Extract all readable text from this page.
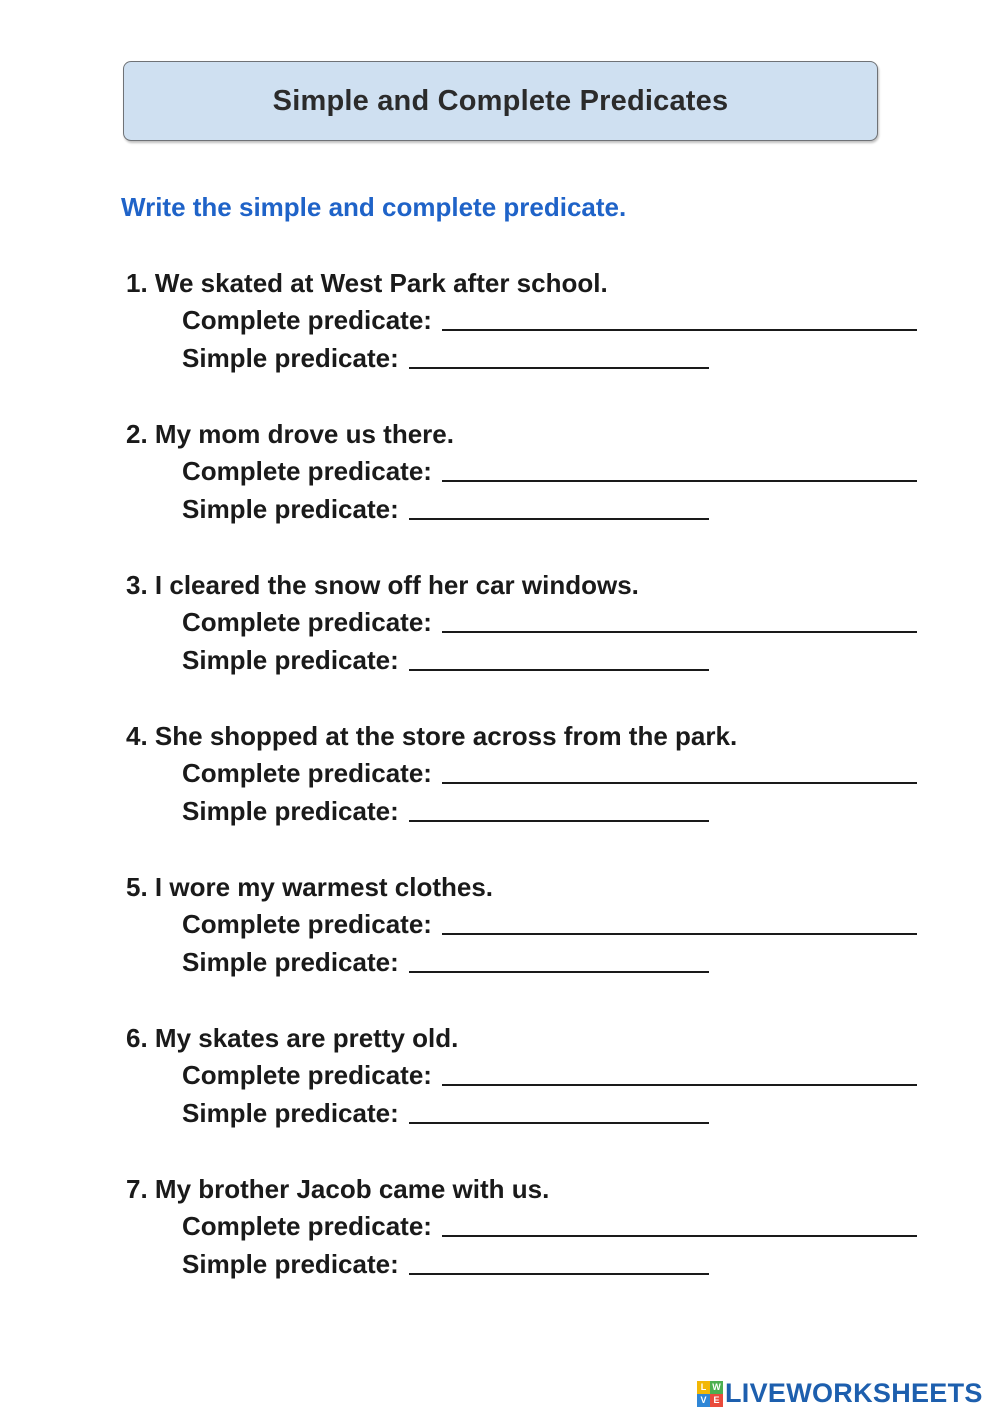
Simple and Complete Predicates
Write the simple and complete predicate.
1. We skated at West Park after school.
Complete predicate:
Simple predicate:
2. My mom drove us there.
Complete predicate:
Simple predicate:
3. I cleared the snow off her car windows.
Complete predicate:
Simple predicate:
4. She shopped at the store across from the park.
Complete predicate:
Simple predicate:
5. I wore my warmest clothes.
Complete predicate:
Simple predicate:
6. My skates are pretty old.
Complete predicate:
Simple predicate:
7. My brother Jacob came with us.
Complete predicate:
Simple predicate:
L W
V E LIVEWORKSHEETS
